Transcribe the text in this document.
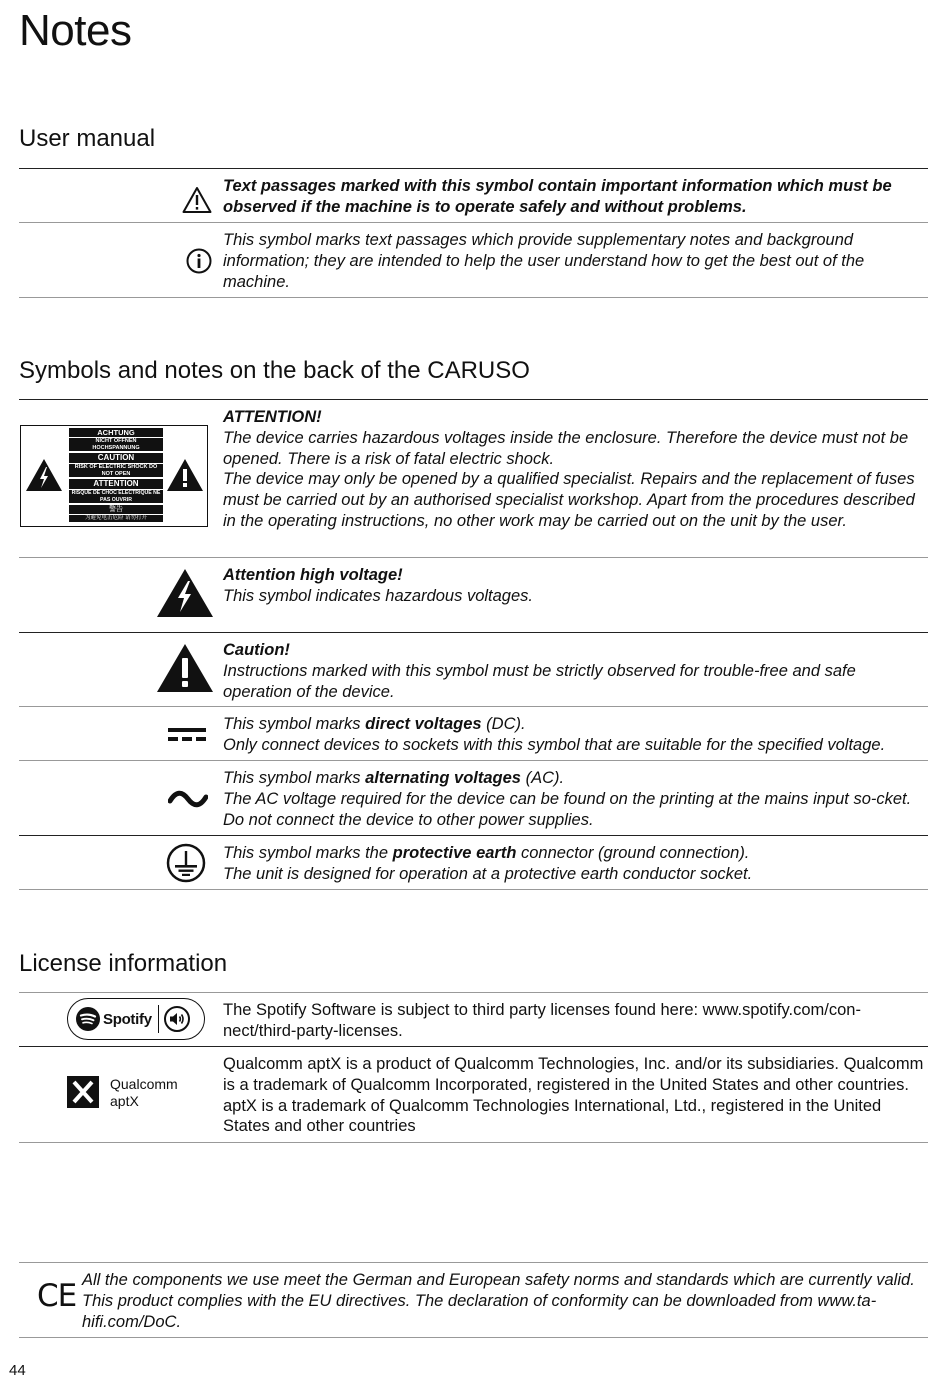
Notes
User manual
Text passages marked with this symbol contain important information which must be observed if the machine is to operate safely and without problems.
This symbol marks text passages which provide supplementary notes and background information; they are intended to help the user understand how to get the best out of the machine.
Symbols and notes on the back of the CARUSO
ACHTUNG
NICHT ÖFFNEN HOCHSPANNUNG
CAUTION
RISK OF ELECTRIC SHOCK DO NOT OPEN
ATTENTION
RISQUE DE CHOC ELECTRIQUE NE PAS OUVRIR
警告
为避免电击危险 请勿打开
ATTENTION!
The device carries hazardous voltages inside the enclosure. Therefore the device must not be opened. There is a risk of fatal electric shock.
The device may only be opened by a qualified specialist. Repairs and the replacement of fuses must be carried out by an authorised specialist workshop. Apart from the procedures described in the operating instructions, no other work may be carried out on the unit by the user.
Attention high voltage!
This symbol indicates hazardous voltages.
Caution!
Instructions marked with this symbol must be strictly observed for trouble-free and safe operation of the device.
This symbol marks direct voltages (DC).
Only connect devices to sockets with this symbol that are suitable for the specified voltage.
This symbol marks alternating voltages (AC).
The AC voltage required for the device can be found on the printing at the mains input so-cket. Do not connect the device to other power supplies.
This symbol marks the protective earth connector (ground connection).
The unit is designed for operation at a protective earth conductor socket.
License information
Spotify	The Spotify Software is subject to third party licenses found here: www.spotify.com/con-nect/third-party-licenses.
Qualcomm
aptX
Qualcomm aptX is a product of Qualcomm Technologies, Inc. and/or its subsidiaries. Qualcomm is a trademark of Qualcomm Incorporated, registered in the United States and other countries. aptX is a trademark of Qualcomm Technologies International, Ltd., registered in the United States and other countries
CE All the components we use meet the German and European safety norms and standards which are currently valid. This product complies with the EU directives. The declaration of conformity can be downloaded from www.ta-hifi.com/DoC.
44
